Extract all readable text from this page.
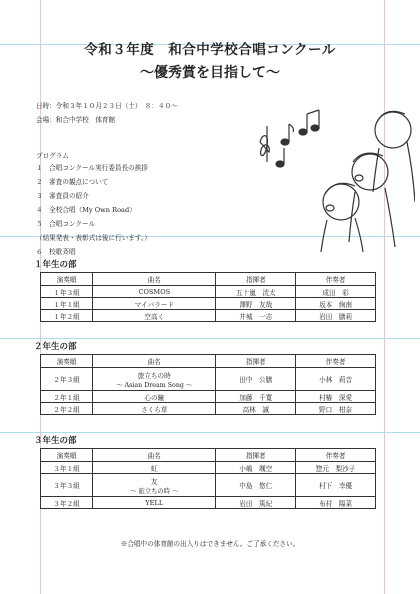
令和３年度　和合中学校合唱コンクール
～優秀賞を目指して～
日時：令和３年１０月２３日（土）　８：４０～
会場：和合中学校　体育館
プログラム
１　合唱コンクール実行委員長の挨拶
２　審査の観点について
３　審査員の紹介
４　全校合唱（My Own Road）
５　合唱コンクール
（結果発表・表彰式は後に行います。）
６　校歌斉唱
１年生の部
演奏順	曲名	指揮者	伴奏者
１年３組	COSMOS	五十嵐　洸太	成田　彩
１年１組	マイバラード	澤野　友哉	坂本　絢南
１年２組	空高く	井城　一志	岩田　膳莉
２年生の部
演奏順	曲名	指揮者	伴奏者
２年３組	旅立ちの時
～ Asian Dream Song ～	田中　公膳	小林　莉音
２年１組	心の瞳	加藤　千寛	村椿　深愛
２年２組	さくら草	高林　誠	野口　柑奈
３年生の部
演奏順	曲名	指揮者	伴奏者
３年１組	虹	小嶋　颯空	惣元　梨沙子
３年３組	友
～ 旅立ちの時 ～	中島　悠仁	村下　幸優
３年２組	YELL	岩田　篤紀	布村　陽菜
※合唱中の体育館の出入りはできません。ご了承ください。
